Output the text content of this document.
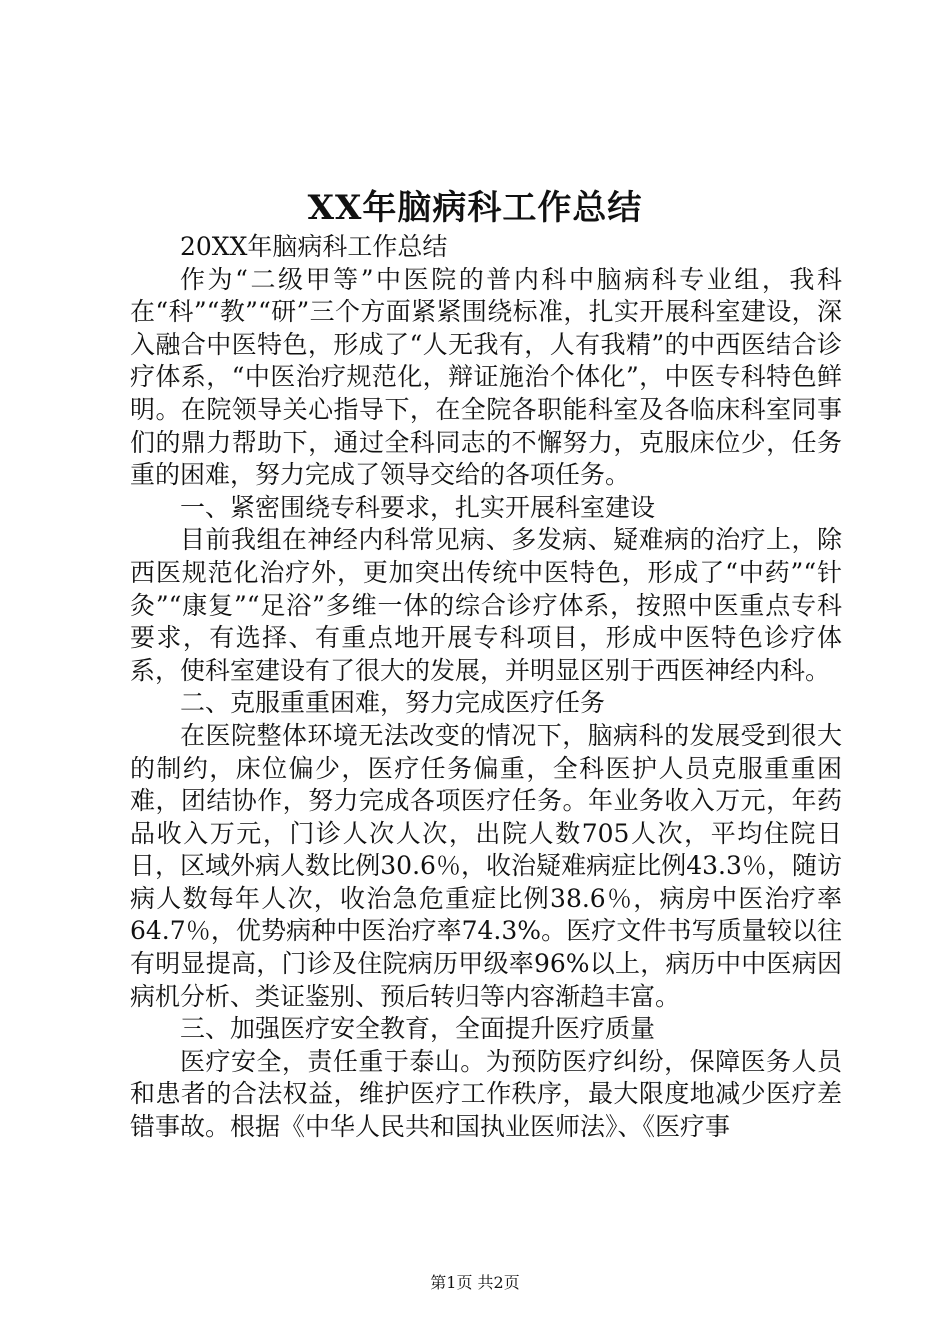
XX年脑病科工作总结

20XX年脑病科工作总结

作为“二级甲等”中医院的普内科中脑病科专业组，我科在“科”“教”“研”三个方面紧紧围绕标准，扎实开展科室建设，深入融合中医特色，形成了“人无我有，人有我精”的中西医结合诊疗体系，“中医治疗规范化，辩证施治个体化”，中医专科特色鲜明。在院领导关心指导下，在全院各职能科室及各临床科室同事们的鼎力帮助下，通过全科同志的不懈努力，克服床位少，任务重的困难，努力完成了领导交给的各项任务。

一、紧密围绕专科要求，扎实开展科室建设

目前我组在神经内科常见病、多发病、疑难病的治疗上，除西医规范化治疗外，更加突出传统中医特色，形成了“中药”“针灸”“康复”“足浴”多维一体的综合诊疗体系，按照中医重点专科要求，有选择、有重点地开展专科项目，形成中医特色诊疗体系，使科室建设有了很大的发展，并明显区别于西医神经内科。

二、克服重重困难，努力完成医疗任务

在医院整体环境无法改变的情况下，脑病科的发展受到很大的制约，床位偏少，医疗任务偏重，全科医护人员克服重重困难，团结协作，努力完成各项医疗任务。年业务收入万元，年药品收入万元，门诊人次人次，出院人数705人次，平均住院日日，区域外病人数比例30.6％，收治疑难病症比例43.3％，随访病人数每年人次，收治急危重症比例38.6％，病房中医治疗率64.7％，优势病种中医治疗率74.3%。医疗文件书写质量较以往有明显提高，门诊及住院病历甲级率96%以上，病历中中医病因病机分析、类证鉴别、预后转归等内容渐趋丰富。

三、加强医疗安全教育，全面提升医疗质量

医疗安全，责任重于泰山。为预防医疗纠纷，保障医务人员和患者的合法权益，维护医疗工作秩序，最大限度地减少医疗差错事故。根据《中华人民共和国执业医师法》、《医疗事

第1页 共2页
